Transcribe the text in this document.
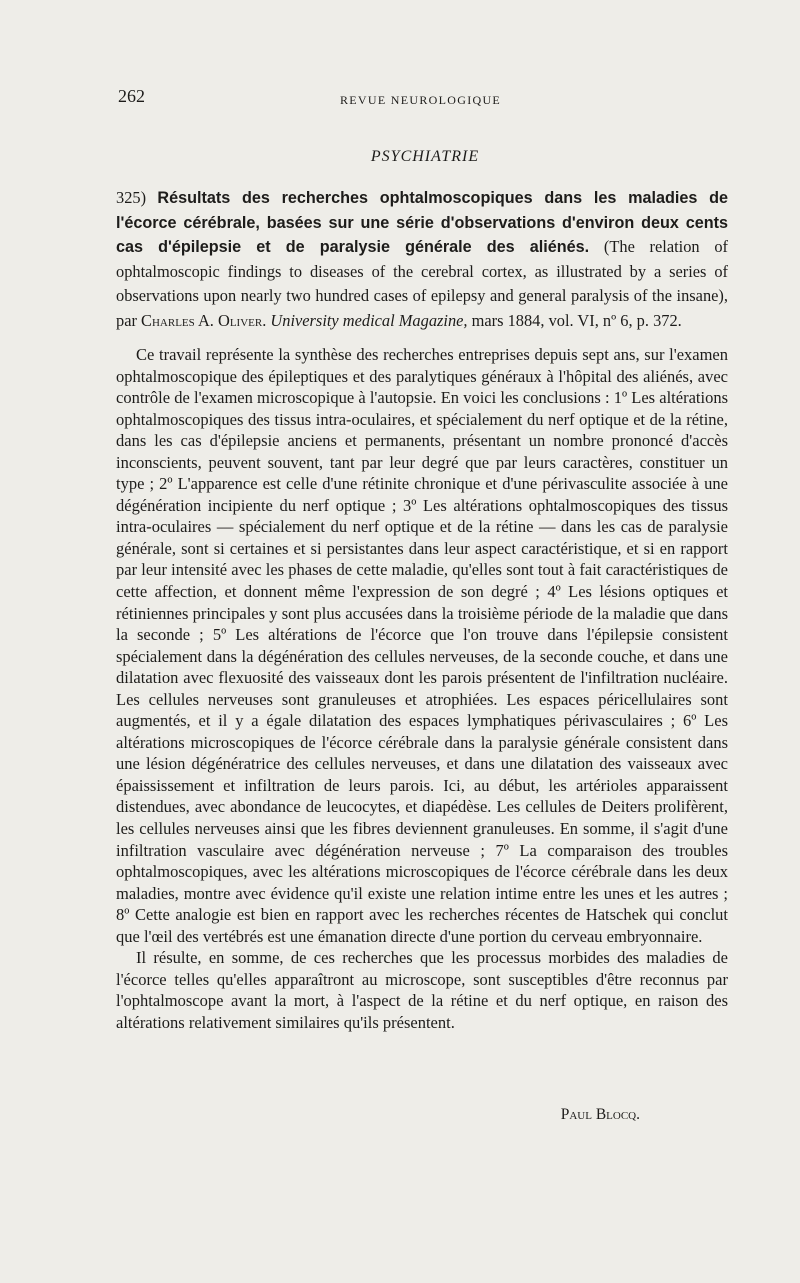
262	REVUE NEUROLOGIQUE
PSYCHIATRIE
325) Résultats des recherches ophtalmoscopiques dans les maladies de l'écorce cérébrale, basées sur une série d'observations d'environ deux cents cas d'épilepsie et de paralysie générale des aliénés. (The relation of ophtalmoscopic findings to diseases of the cerebral cortex, as illustrated by a series of observations upon nearly two hundred cases of epilepsy and general paralysis of the insane), par Charles A. Oliver. University medical Magazine, mars 1884, vol. VI, nº 6, p. 372.

Ce travail représente la synthèse des recherches entreprises depuis sept ans, sur l'examen ophtalmoscopique des épileptiques et des paralytiques généraux à l'hôpital des aliénés, avec contrôle de l'examen microscopique à l'autopsie. En voici les conclusions : 1º Les altérations ophtalmoscopiques des tissus intra-oculaires, et spécialement du nerf optique et de la rétine, dans les cas d'épilepsie anciens et permanents, présentant un nombre prononcé d'accès inconscients, peuvent souvent, tant par leur degré que par leurs caractères, constituer un type ; 2º L'apparence est celle d'une rétinite chronique et d'une périvasculite associée à une dégénération incipiente du nerf optique ; 3º Les altérations ophtalmoscopiques des tissus intra-oculaires — spécialement du nerf optique et de la rétine — dans les cas de paralysie générale, sont si certaines et si persistantes dans leur aspect caractéristique, et si en rapport par leur intensité avec les phases de cette maladie, qu'elles sont tout à fait caractéristiques de cette affection, et donnent même l'expression de son degré ; 4º Les lésions optiques et rétiniennes principales y sont plus accusées dans la troisième période de la maladie que dans la seconde ; 5º Les altérations de l'écorce que l'on trouve dans l'épilepsie consistent spécialement dans la dégénération des cellules nerveuses, de la seconde couche, et dans une dilatation avec flexuosité des vaisseaux dont les parois présentent de l'infiltration nucléaire. Les cellules nerveuses sont granuleuses et atrophiées. Les espaces péricellulaires sont augmentés, et il y a égale dilatation des espaces lymphatiques périvasculaires ; 6º Les altérations microscopiques de l'écorce cérébrale dans la paralysie générale consistent dans une lésion dégénératrice des cellules nerveuses, et dans une dilatation des vaisseaux avec épaississement et infiltration de leurs parois. Ici, au début, les artérioles apparaissent distendues, avec abondance de leucocytes, et diapédèse. Les cellules de Deiters prolifèrent, les cellules nerveuses ainsi que les fibres deviennent granuleuses. En somme, il s'agit d'une infiltration vasculaire avec dégénération nerveuse ; 7º La comparaison des troubles ophtalmoscopiques, avec les altérations microscopiques de l'écorce cérébrale dans les deux maladies, montre avec évidence qu'il existe une relation intime entre les unes et les autres ; 8º Cette analogie est bien en rapport avec les recherches récentes de Hatschek qui conclut que l'œil des vertébrés est une émanation directe d'une portion du cerveau embryonnaire.

Il résulte, en somme, de ces recherches que les processus morbides des maladies de l'écorce telles qu'elles apparaîtront au microscope, sont susceptibles d'être reconnus par l'ophtalmoscope avant la mort, à l'aspect de la rétine et du nerf optique, en raison des altérations relativement similaires qu'ils présentent.

Paul Blocq.
